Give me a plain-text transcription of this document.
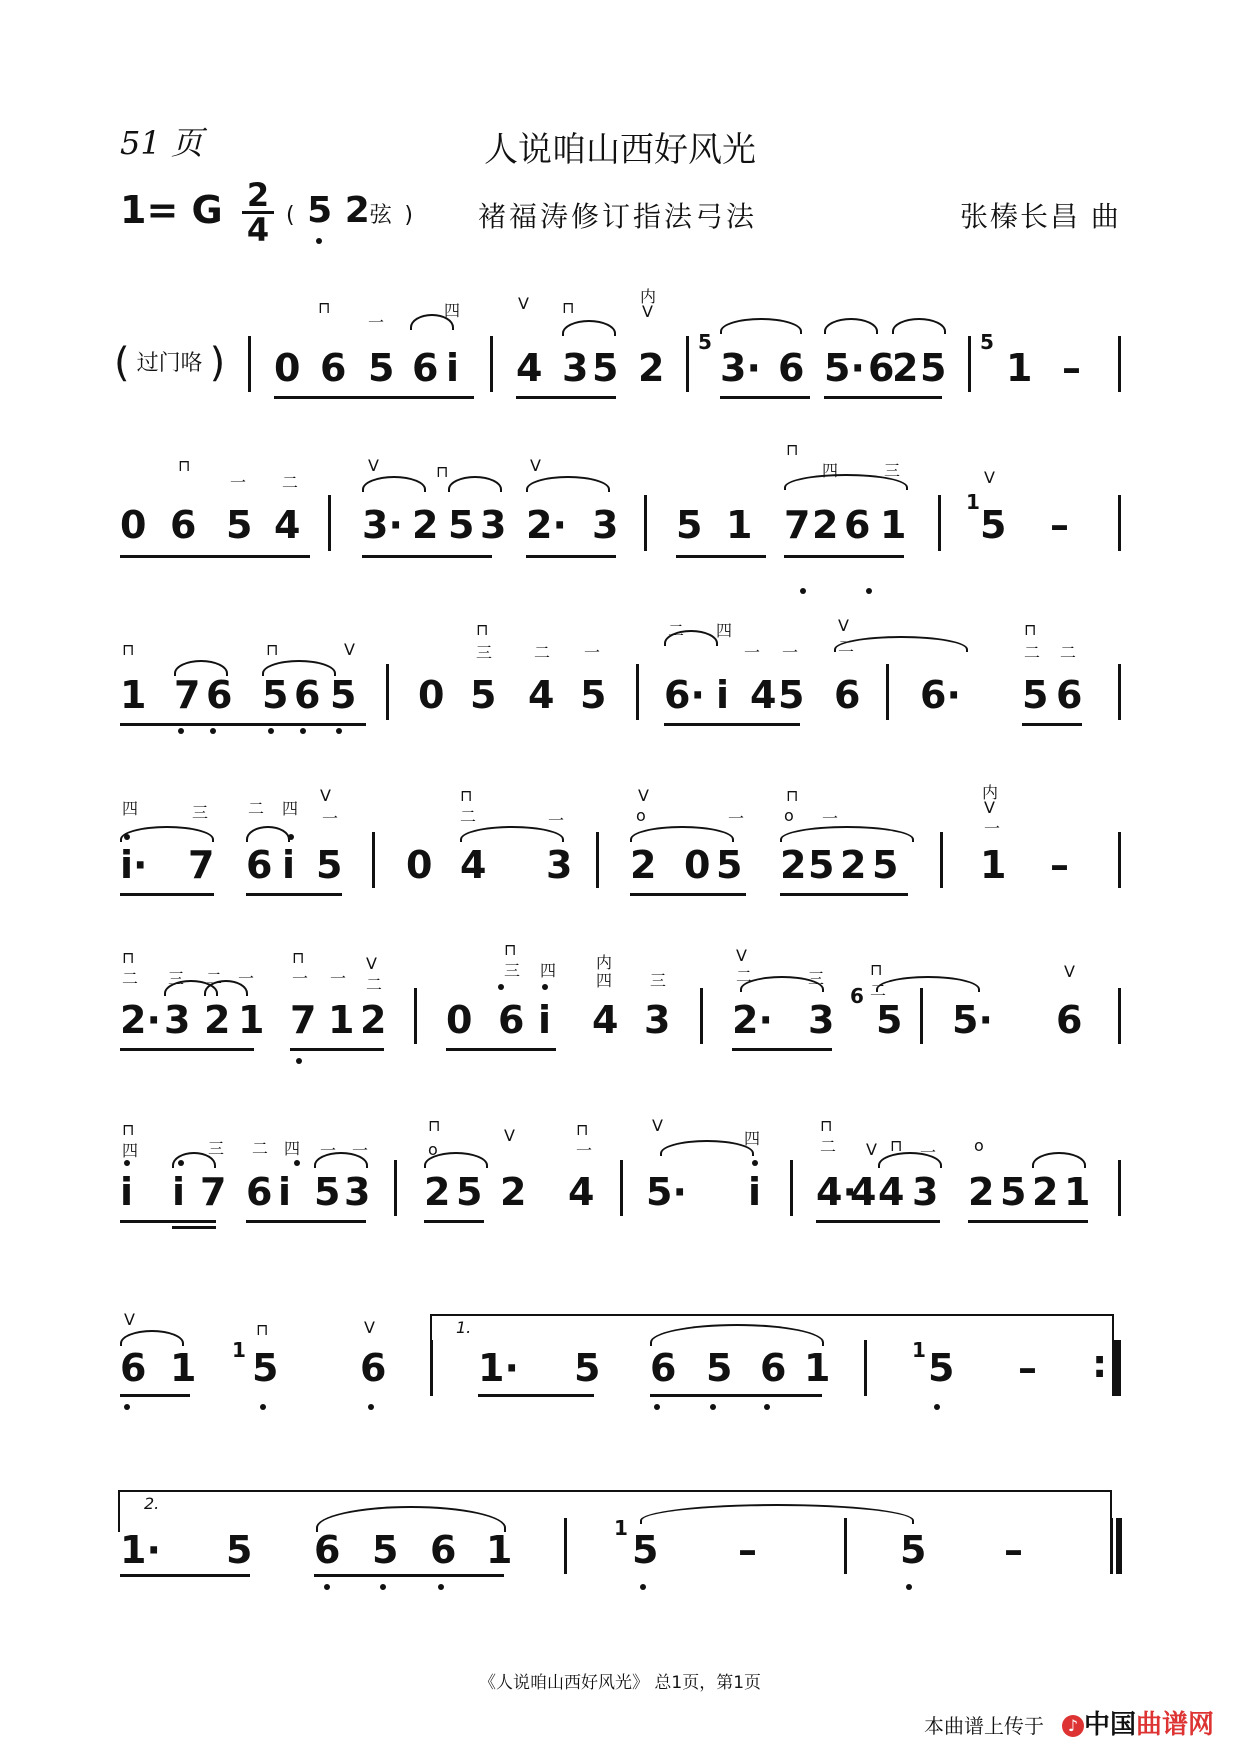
51 页	人说咱山西好风光
1= G 2
4 ( 5 2弦 ) 褚福涛修订指法弓法	张榛长昌 曲
( 过门咯 ) 0 6 5 6 i 4 3 5 2 3· 6 5· 6
2 5 1 –
⊓
一
四	V ⊓
内
V
5	5
0 6 5 4 3· 2 5 3 2· 3 5 1 7 2 6 1 5 –
⊓
一 二
V	⊓	V
⊓
四	三	V
1
1 7 6 5 6 5 0 5 4 5 6· i 4 5 6 6· 5 6
⊓	⊓	V
⊓
三	二 一
二 四
一 一
V
二
⊓
二 二
i· 7 6 i 5 0 4 3 2 0 5 2 5 2 5 1 –
四	三 二 四
V
一
⊓
二	一
V
o	一
⊓
o 一
内
V
一
2· 3 2 1 7 1 2 0 6 i 4 3 2· 3 5 5· 6
⊓
二 三 二 一
⊓
一 一
V
二
⊓
三 四 内
四 三
V
二	三	⊓
二
V
6
i i 7 6 i 5 3 2 5 2 4 5· i 4·
4 4 3 2 5 2 1
⊓
四	三 二 四 一 一
⊓
o
V	⊓
一
V
四
⊓
二 V ⊓ 一 o
6 1 5 6 1· 5 6 5 6 1	5 –
V
⊓	V
1	1	:
1· 5 6 5 6 1	5 –	5 –
1
1.
2.
《人说咱山西好风光》 总1页，第1页
本曲谱上传于	♪ 中国曲谱网
